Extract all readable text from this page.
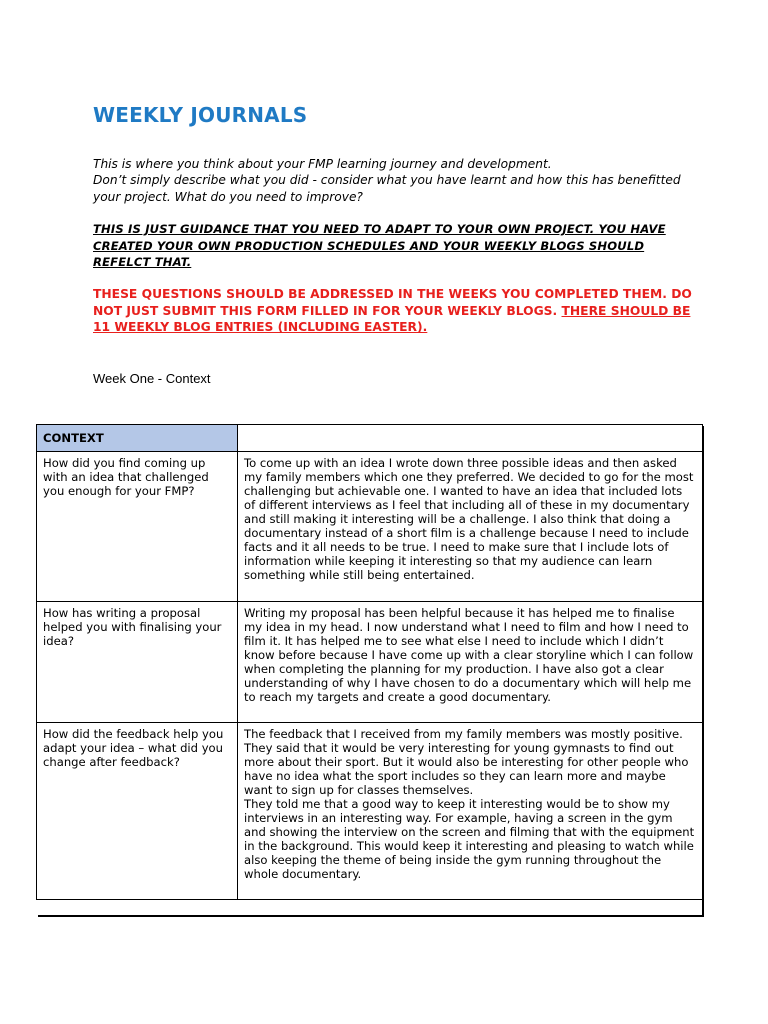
WEEKLY JOURNALS
This is where you think about your FMP learning journey and development.
Don’t simply describe what you did - consider what you have learnt and how this has benefitted
your project. What do you need to improve?
THIS IS JUST GUIDANCE THAT YOU NEED TO ADAPT TO YOUR OWN PROJECT. YOU HAVE
CREATED YOUR OWN PRODUCTION SCHEDULES AND YOUR WEEKLY BLOGS SHOULD
REFELCT THAT.
THESE QUESTIONS SHOULD BE ADDRESSED IN THE WEEKS YOU COMPLETED THEM. DO
NOT JUST SUBMIT THIS FORM FILLED IN FOR YOUR WEEKLY BLOGS. THERE SHOULD BE
11 WEEKLY BLOG ENTRIES (INCLUDING EASTER).
Week One - Context
CONTEXT	
How did you find coming up with an idea that challenged you enough for your FMP?	To come up with an idea I wrote down three possible ideas and then asked my family members which one they preferred. We decided to go for the most challenging but achievable one. I wanted to have an idea that included lots of different interviews as I feel that including all of these in my documentary and still making it interesting will be a challenge. I also think that doing a documentary instead of a short film is a challenge because I need to include facts and it all needs to be true. I need to make sure that I include lots of information while keeping it interesting so that my audience can learn something while still being entertained.
How has writing a proposal helped you with finalising your idea?	Writing my proposal has been helpful because it has helped me to finalise my idea in my head. I now understand what I need to film and how I need to film it. It has helped me to see what else I need to include which I didn’t know before because I have come up with a clear storyline which I can follow when completing the planning for my production. I have also got a clear understanding of why I have chosen to do a documentary which will help me to reach my targets and create a good documentary.
How did the feedback help you adapt your idea – what did you change after feedback?	The feedback that I received from my family members was mostly positive. They said that it would be very interesting for young gymnasts to find out more about their sport. But it would also be interesting for other people who have no idea what the sport includes so they can learn more and maybe want to sign up for classes themselves.
They told me that a good way to keep it interesting would be to show my interviews in an interesting way. For example, having a screen in the gym and showing the interview on the screen and filming that with the equipment in the background. This would keep it interesting and pleasing to watch while also keeping the theme of being inside the gym running throughout the whole documentary.
